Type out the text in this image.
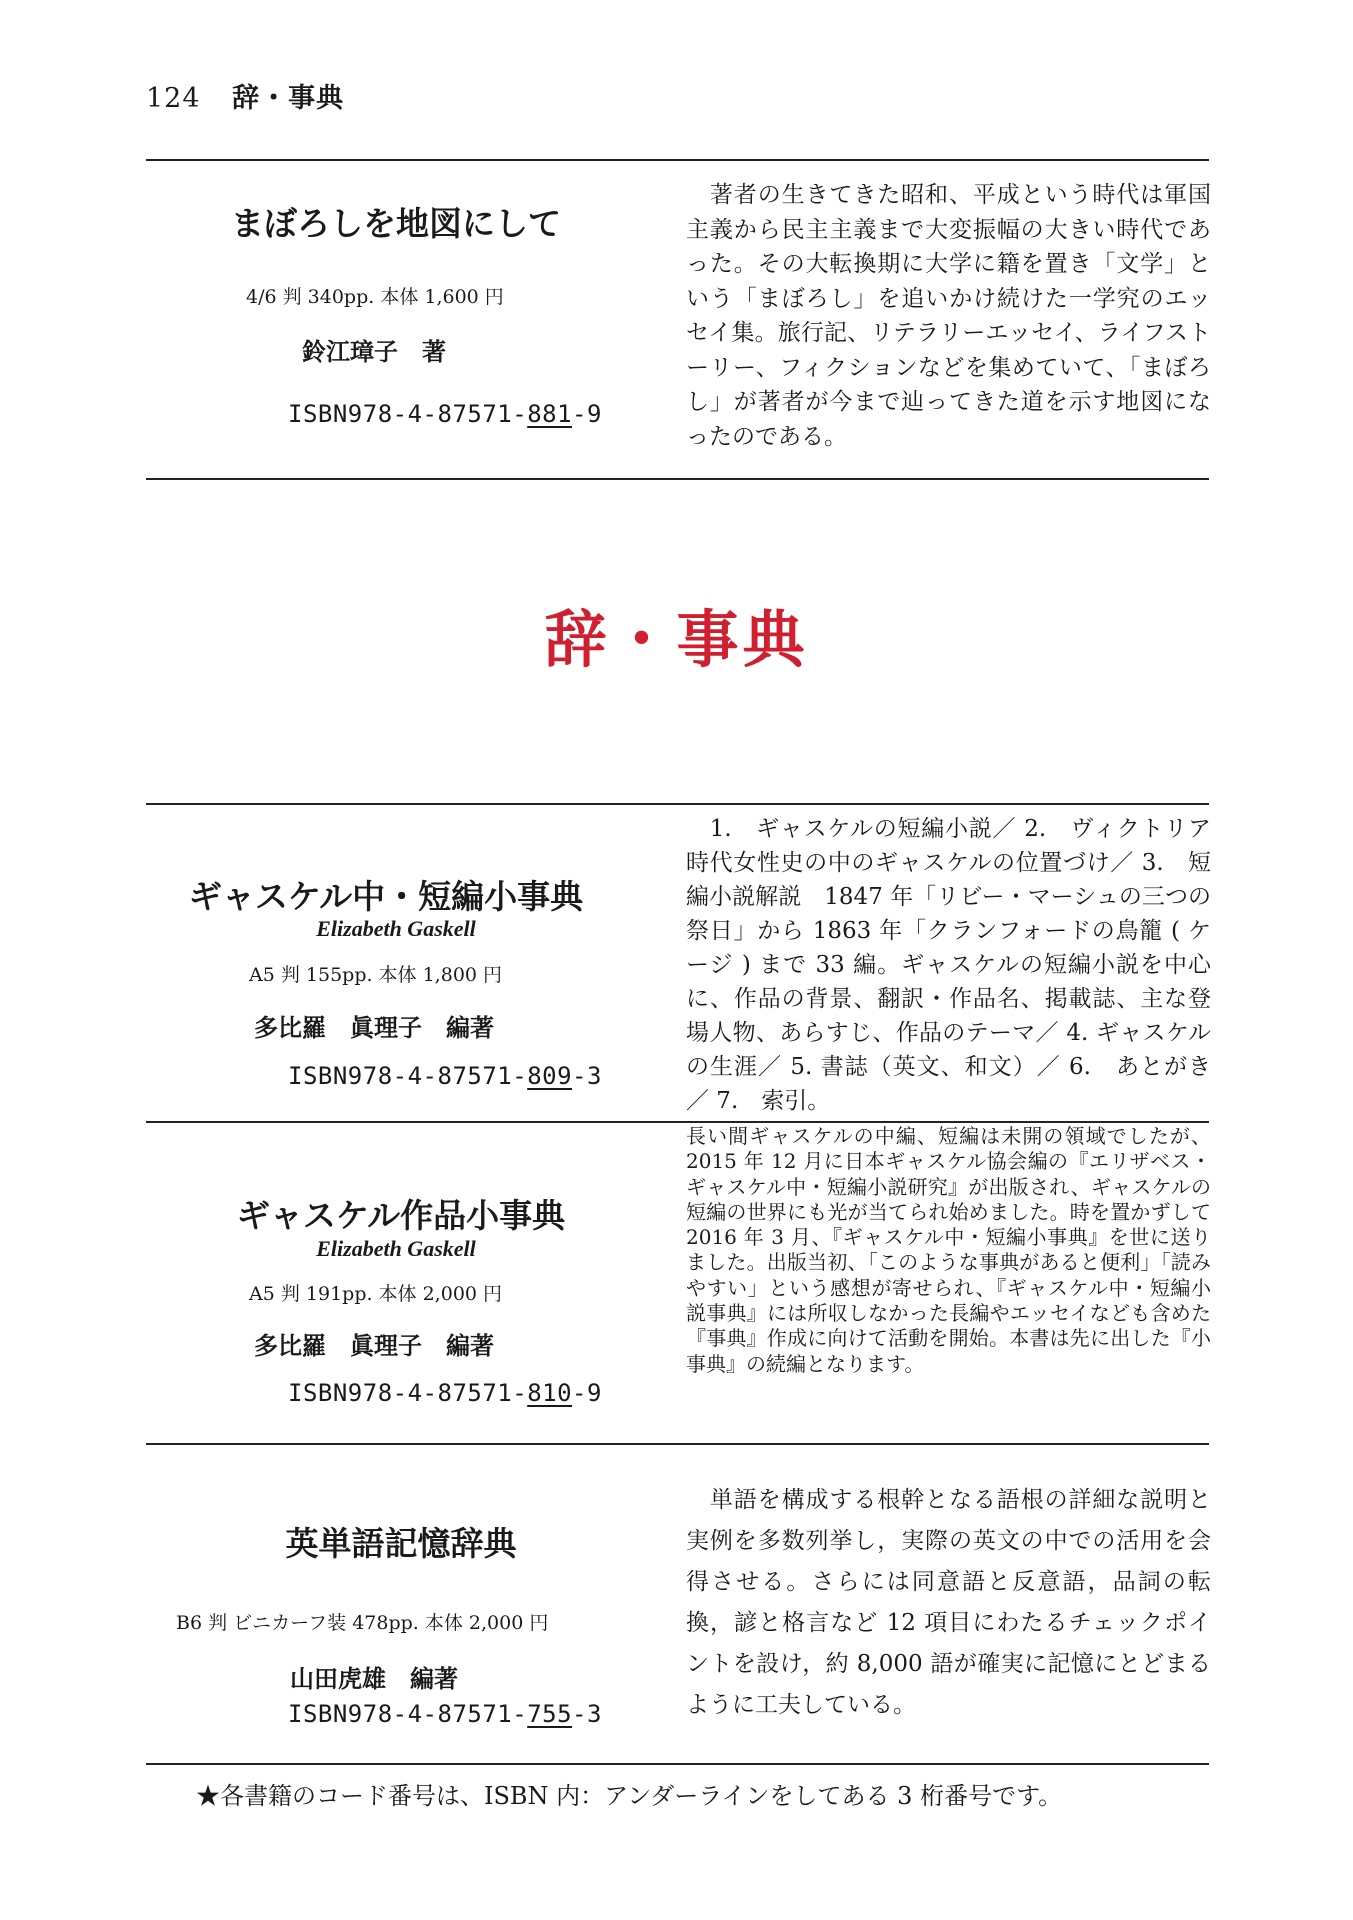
124 辞・事典
まぼろしを地図にして
4/6 判 340pp. 本体 1,600 円
鈴江璋子　著
ISBN978-4-87571-881-9

　著者の生きてきた昭和、平成という時代は軍国主義から民主主義まで大変振幅の大きい時代であった。その大転換期に大学に籍を置き「文学」という「まぼろし」を追いかけ続けた一学究のエッセイ集。旅行記、リテラリーエッセイ、ライフストーリー、フィクションなどを集めていて、「まぼろし」が著者が今まで辿ってきた道を示す地図になったのである。

辞・事典
ギャスケル中・短編小事典
Elizabeth Gaskell
A5 判 155pp. 本体 1,800 円
多比羅　眞理子　編著
ISBN978-4-87571-809-3

　1.　ギャスケルの短編小説／ 2.　ヴィクトリア時代女性史の中のギャスケルの位置づけ／ 3.　短編小説解説　1847 年「リビー・マーシュの三つの祭日」から 1863 年「クランフォードの鳥籠 ( ケージ ) まで 33 編。ギャスケルの短編小説を中心に、作品の背景、翻訳・作品名、掲載誌、主な登場人物、あらすじ、作品のテーマ／ 4. ギャスケルの生涯／ 5. 書誌（英文、和文）／ 6.　あとがき／ 7.　索引。

ギャスケル作品小事典
Elizabeth Gaskell
A5 判 191pp. 本体 2,000 円
多比羅　眞理子　編著
ISBN978-4-87571-810-9

長い間ギャスケルの中編、短編は未開の領域でしたが、2015 年 12 月に日本ギャスケル協会編の『エリザベス・ギャスケル中・短編小説研究』が出版され、ギャスケルの短編の世界にも光が当てられ始めました。時を置かずして 2016 年 3 月、『ギャスケル中・短編小事典』を世に送りました。出版当初、「このような事典があると便利」「読みやすい」という感想が寄せられ、『ギャスケル中・短編小説事典』には所収しなかった長編やエッセイなども含めた『事典』作成に向けて活動を開始。本書は先に出した『小事典』の続編となります。

英単語記憶辞典
B6 判 ビニカーフ装 478pp. 本体 2,000 円
山田虎雄　編著
ISBN978-4-87571-755-3

　単語を構成する根幹となる語根の詳細な説明と実例を多数列挙し，実際の英文の中での活用を会得させる。さらには同意語と反意語，品詞の転換，諺と格言など 12 項目にわたるチェックポイントを設け，約 8,000 語が確実に記憶にとどまるように工夫している。

★各書籍のコード番号は、ISBN 内：アンダーラインをしてある 3 桁番号です。
